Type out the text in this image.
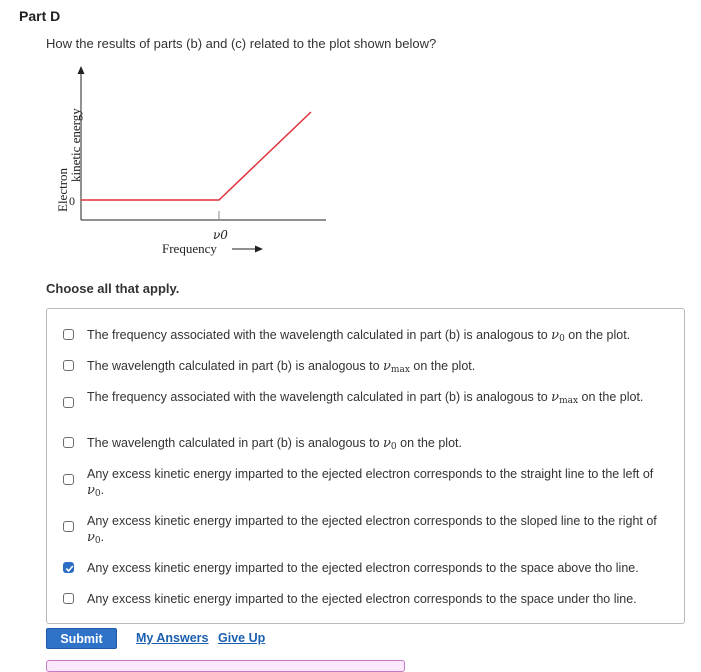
Part D
How the results of parts (b) and (c) related to the plot shown below?
0
Electron
kinetic energy
ν0
Frequency
Choose all that apply.
The frequency associated with the wavelength calculated in part (b) is analogous to $\nu_0$ on the plot.
The wavelength calculated in part (b) is analogous to $\nu_{max}$ on the plot.
The frequency associated with the wavelength calculated in part (b) is analogous to $\nu_{max}$ on the plot.
The wavelength calculated in part (b) is analogous to $\nu_0$ on the plot.
Any excess kinetic energy imparted to the ejected electron corresponds to the straight line to the left of $\nu_0$.
Any excess kinetic energy imparted to the ejected electron corresponds to the sloped line to the right of $\nu_0$.
Any excess kinetic energy imparted to the ejected electron corresponds to the space above tho line.
Any excess kinetic energy imparted to the ejected electron corresponds to the space under tho line.
Submit	My Answers Give Up
